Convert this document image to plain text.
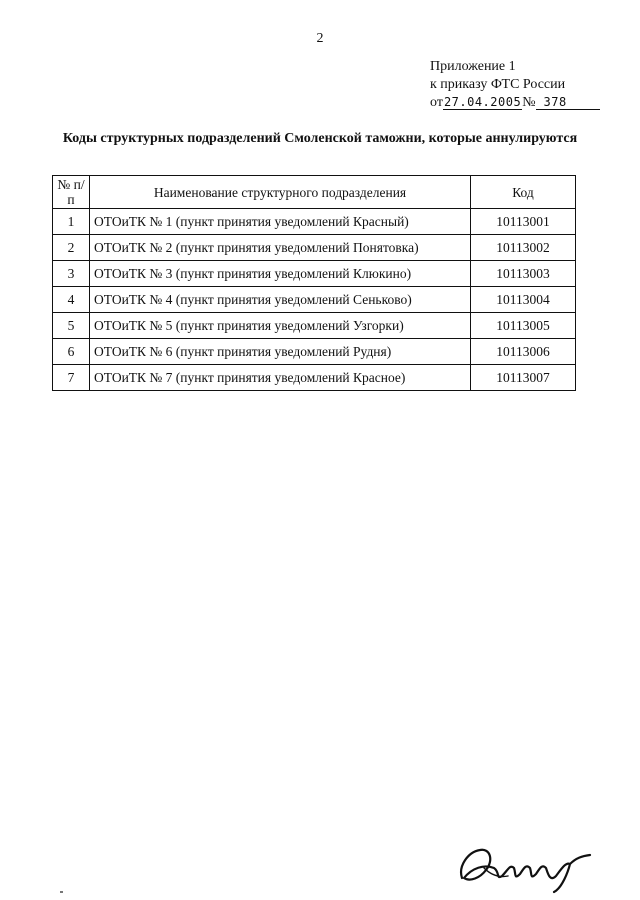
2
Приложение 1
к приказу ФТС России
от27.04.2005№ 378
Коды структурных подразделений Смоленской таможни, которые аннулируются
№ п/п	Наименование структурного подразделения	Код
1	ОТОиТК № 1 (пункт принятия уведомлений Красный)	10113001
2	ОТОиТК № 2 (пункт принятия уведомлений Понятовка)	10113002
3	ОТОиТК № 3 (пункт принятия уведомлений Клюкино)	10113003
4	ОТОиТК № 4 (пункт принятия уведомлений Сеньково)	10113004
5	ОТОиТК № 5 (пункт принятия уведомлений Узгорки)	10113005
6	ОТОиТК № 6 (пункт принятия уведомлений Рудня)	10113006
7	ОТОиТК № 7 (пункт принятия уведомлений Красное)	10113007
